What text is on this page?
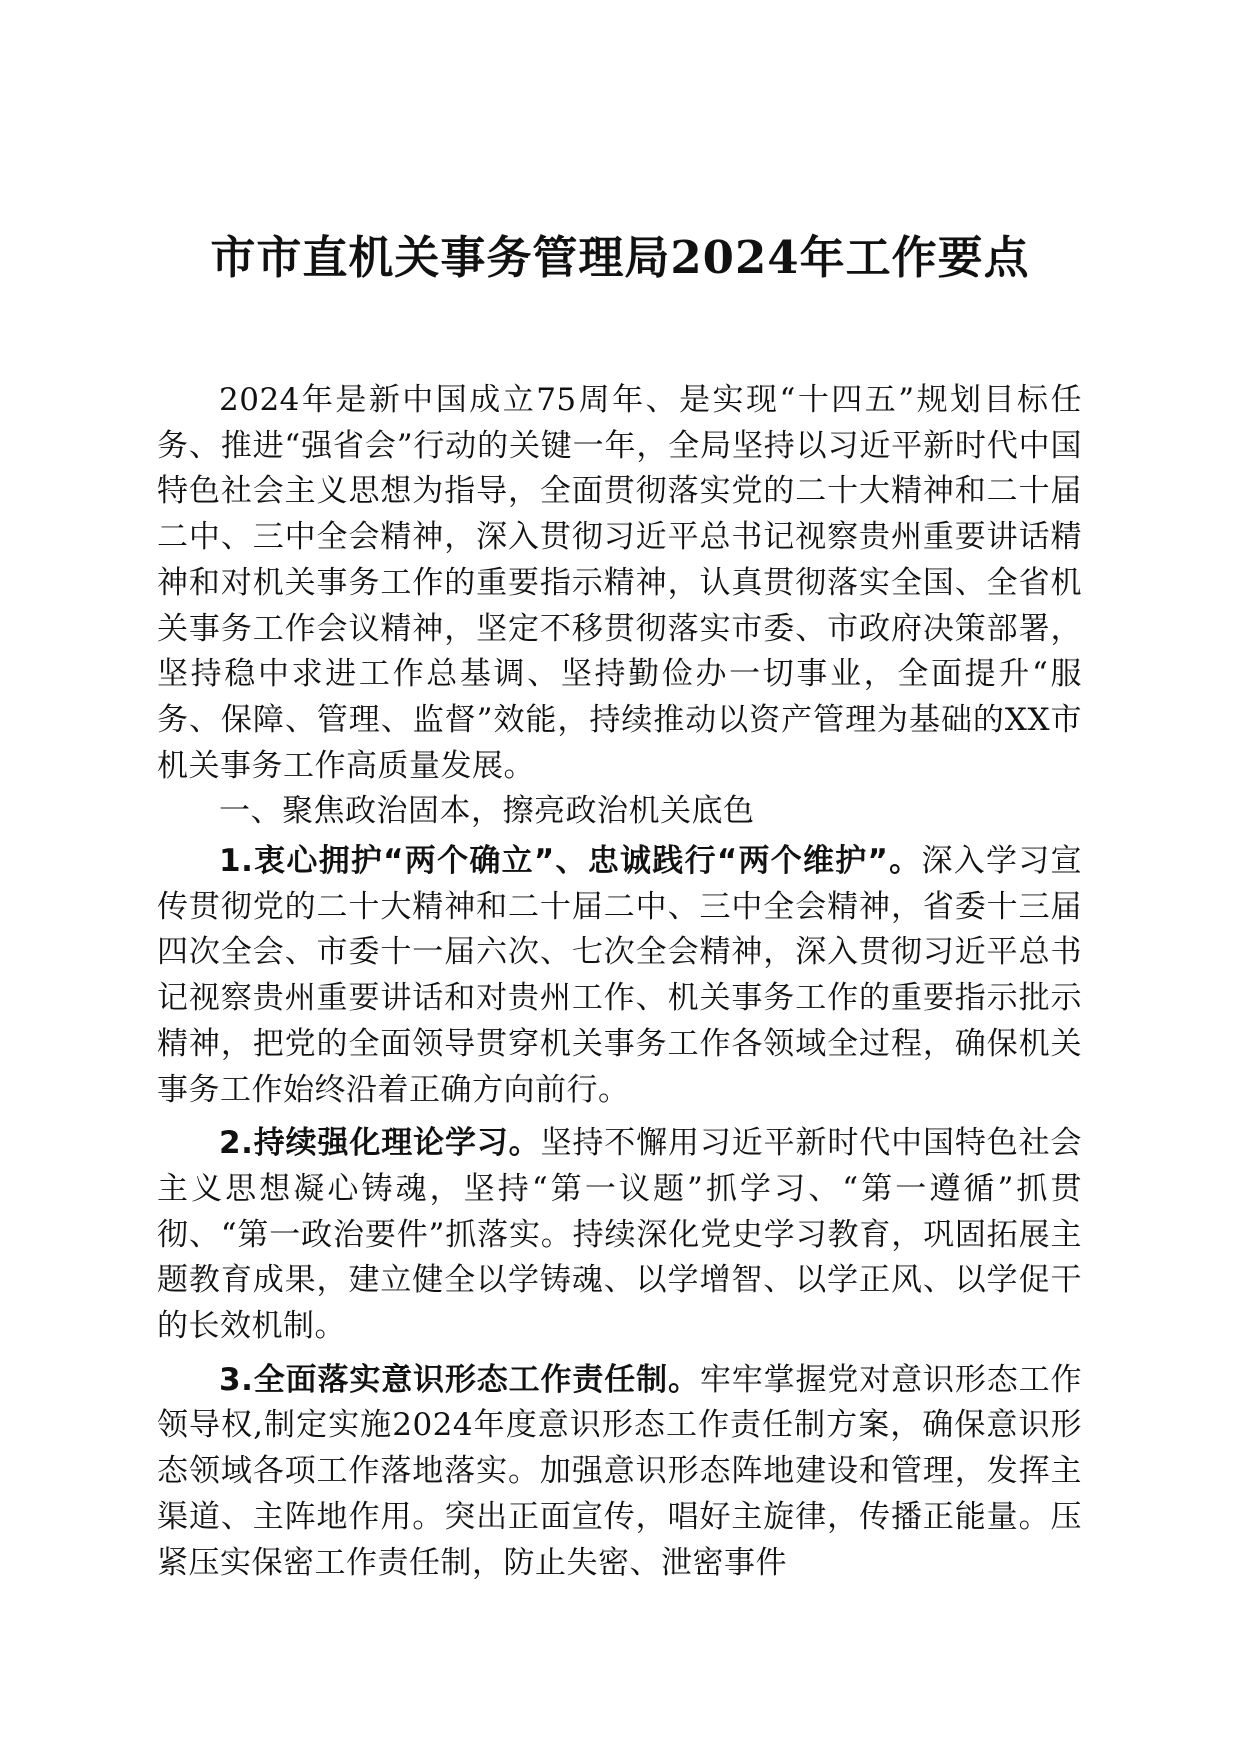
市市直机关事务管理局2024年工作要点

2024年是新中国成立75周年、是实现“十四五”规划目标任务、推进“强省会”行动的关键一年，全局坚持以习近平新时代中国特色社会主义思想为指导，全面贯彻落实党的二十大精神和二十届二中、三中全会精神，深入贯彻习近平总书记视察贵州重要讲话精神和对机关事务工作的重要指示精神，认真贯彻落实全国、全省机关事务工作会议精神，坚定不移贯彻落实市委、市政府决策部署，坚持稳中求进工作总基调、坚持勤俭办一切事业，全面提升“服务、保障、管理、监督”效能，持续推动以资产管理为基础的XX市机关事务工作高质量发展。

一、聚焦政治固本，擦亮政治机关底色

1.衷心拥护“两个确立”、忠诚践行“两个维护”。深入学习宣传贯彻党的二十大精神和二十届二中、三中全会精神，省委十三届四次全会、市委十一届六次、七次全会精神，深入贯彻习近平总书记视察贵州重要讲话和对贵州工作、机关事务工作的重要指示批示精神，把党的全面领导贯穿机关事务工作各领域全过程，确保机关事务工作始终沿着正确方向前行。

2.持续强化理论学习。坚持不懈用习近平新时代中国特色社会主义思想凝心铸魂，坚持“第一议题”抓学习、“第一遵循”抓贯彻、“第一政治要件”抓落实。持续深化党史学习教育，巩固拓展主题教育成果，建立健全以学铸魂、以学增智、以学正风、以学促干的长效机制。

3.全面落实意识形态工作责任制。牢牢掌握党对意识形态工作领导权,制定实施2024年度意识形态工作责任制方案，确保意识形态领域各项工作落地落实。加强意识形态阵地建设和管理，发挥主渠道、主阵地作用。突出正面宣传，唱好主旋律，传播正能量。压紧压实保密工作责任制，防止失密、泄密事件
